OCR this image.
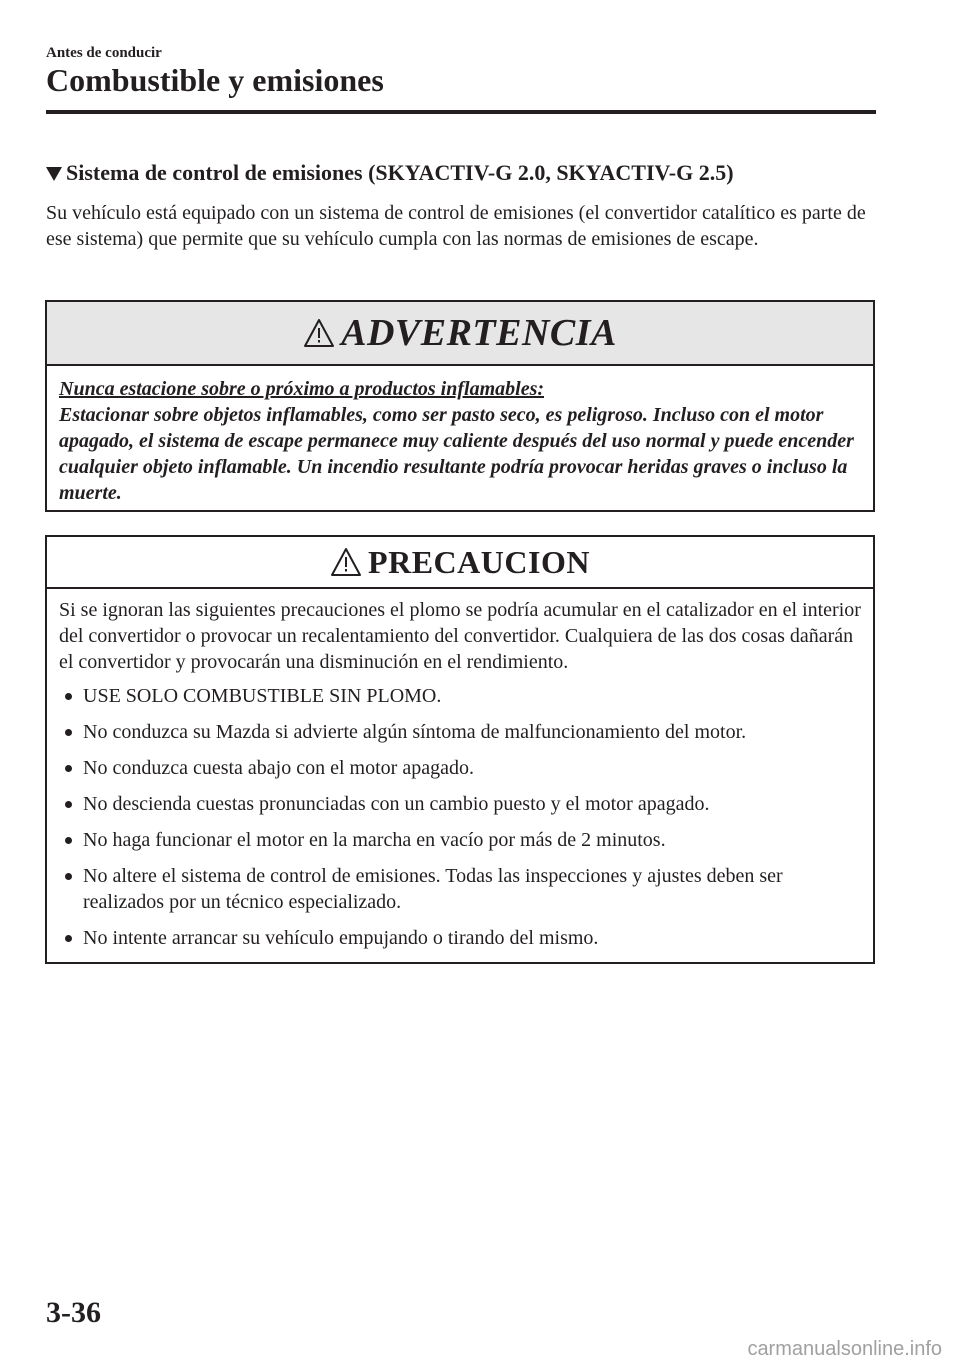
Antes de conducir
Combustible y emisiones
Sistema de control de emisiones (SKYACTIV-G 2.0, SKYACTIV-G 2.5)
Su vehículo está equipado con un sistema de control de emisiones (el convertidor catalítico es parte de ese sistema) que permite que su vehículo cumpla con las normas de emisiones de escape.
ADVERTENCIA
Nunca estacione sobre o próximo a productos inflamables:
Estacionar sobre objetos inflamables, como ser pasto seco, es peligroso. Incluso con el motor apagado, el sistema de escape permanece muy caliente después del uso normal y puede encender cualquier objeto inflamable. Un incendio resultante podría provocar heridas graves o incluso la muerte.
PRECAUCION
Si se ignoran las siguientes precauciones el plomo se podría acumular en el catalizador en el interior del convertidor o provocar un recalentamiento del convertidor. Cualquiera de las dos cosas dañarán el convertidor y provocarán una disminución en el rendimiento.
USE SOLO COMBUSTIBLE SIN PLOMO.
No conduzca su Mazda si advierte algún síntoma de malfuncionamiento del motor.
No conduzca cuesta abajo con el motor apagado.
No descienda cuestas pronunciadas con un cambio puesto y el motor apagado.
No haga funcionar el motor en la marcha en vacío por más de 2 minutos.
No altere el sistema de control de emisiones. Todas las inspecciones y ajustes deben ser realizados por un técnico especializado.
No intente arrancar su vehículo empujando o tirando del mismo.
3-36
carmanualsonline.info
